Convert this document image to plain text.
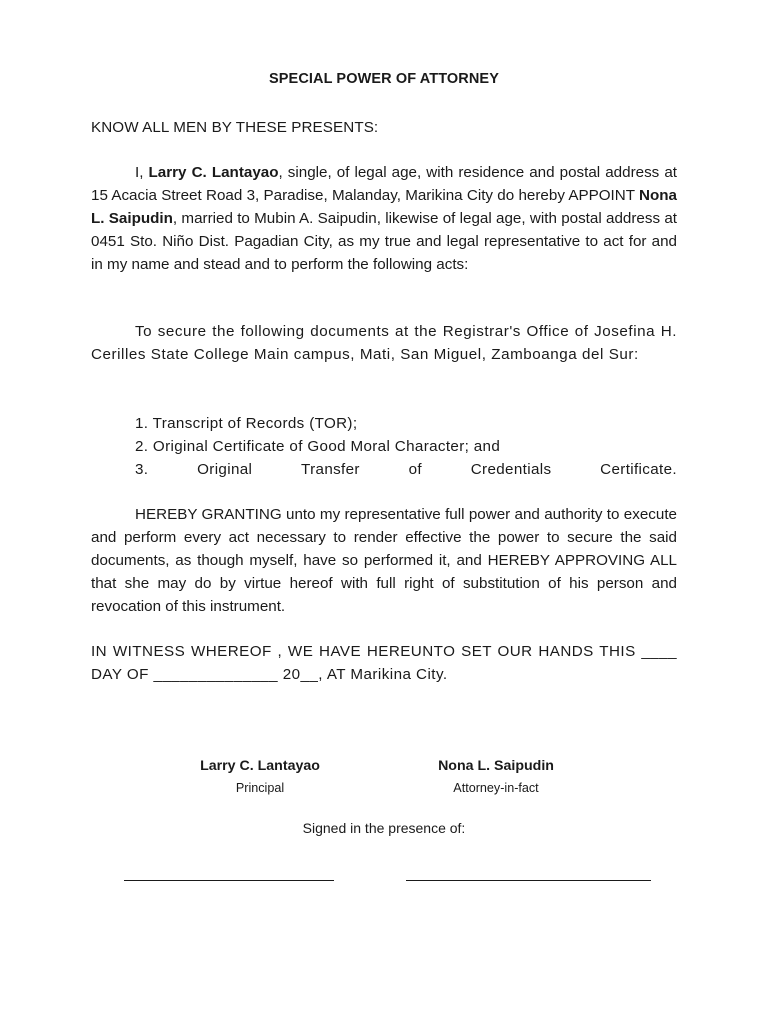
SPECIAL POWER OF ATTORNEY
KNOW ALL MEN BY THESE PRESENTS:
I, Larry C. Lantayao, single, of legal age, with residence and postal address at 15 Acacia Street Road 3, Paradise, Malanday, Marikina City do hereby APPOINT Nona L. Saipudin, married to Mubin A. Saipudin, likewise of legal age, with postal address at 0451 Sto. Niño Dist. Pagadian City, as my true and legal representative to act for and in my name and stead and to perform the following acts:
To secure the following documents at the Registrar's Office of Josefina H. Cerilles State College Main campus, Mati, San Miguel, Zamboanga del Sur:
1. Transcript of Records (TOR);
2. Original Certificate of Good Moral Character; and
3.	Original	Transfer	of	Credentials	Certificate.
HEREBY GRANTING unto my representative full power and authority to execute and perform every act necessary to render effective the power to secure the said documents, as though myself, have so performed it, and HEREBY APPROVING ALL that she may do by virtue hereof with full right of substitution of his person and revocation of this instrument.
IN WITNESS WHEREOF , WE HAVE HEREUNTO SET OUR HANDS THIS ____ DAY OF ______________ 20__, AT Marikina City.
Larry C. Lantayao
Principal
Nona L. Saipudin
Attorney-in-fact
Signed in the presence of:
